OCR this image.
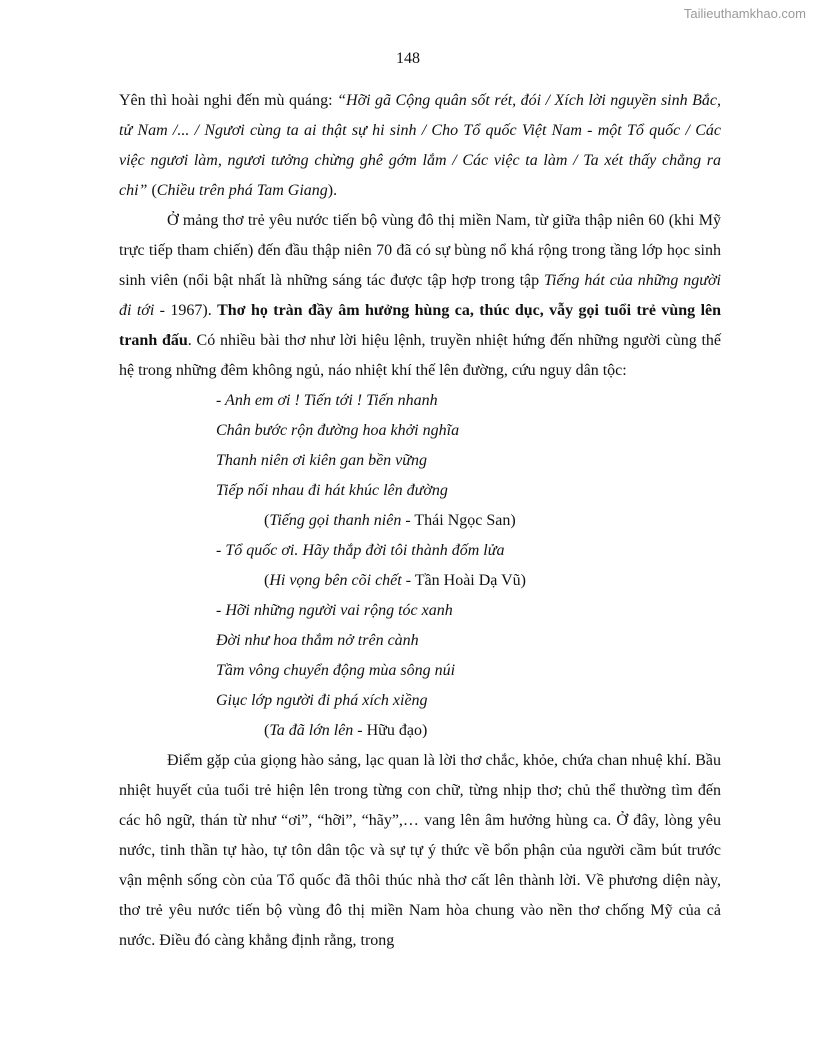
Tailieuthamkhao.com
148

Yên thì hoài nghi đến mù quáng: “Hỡi gã Cộng quân sốt rét, đói / Xích lời nguyền sinh Bắc, tử Nam /... / Ngươi cùng ta ai thật sự hi sinh / Cho Tổ quốc Việt Nam - một Tổ quốc / Các việc ngươi làm, ngươi tưởng chừng ghê gớm lắm / Các việc ta làm / Ta xét thấy chẳng ra chi” (Chiều trên phá Tam Giang).

Ở mảng thơ trẻ yêu nước tiến bộ vùng đô thị miền Nam, từ giữa thập niên 60 (khi Mỹ trực tiếp tham chiến) đến đầu thập niên 70 đã có sự bùng nổ khá rộng trong tầng lớp học sinh sinh viên (nổi bật nhất là những sáng tác được tập hợp trong tập Tiếng hát của những người đi tới - 1967). Thơ họ tràn đầy âm hưởng hùng ca, thúc dục, vẫy gọi tuổi trẻ vùng lên tranh đấu. Có nhiều bài thơ như lời hiệu lệnh, truyền nhiệt hứng đến những người cùng thế hệ trong những đêm không ngủ, náo nhiệt khí thế lên đường, cứu nguy dân tộc:

- Anh em ơi ! Tiến tới ! Tiến nhanh
Chân bước rộn đường hoa khởi nghĩa
Thanh niên ơi kiên gan bền vững
Tiếp nối nhau đi hát khúc lên đường
(Tiếng gọi thanh niên - Thái Ngọc San)
- Tổ quốc ơi. Hãy thắp đời tôi thành đốm lửa
(Hi vọng bên cõi chết - Tần Hoài Dạ Vũ)
- Hỡi những người vai rộng tóc xanh
Đời như hoa thắm nở trên cành
Tầm vông chuyển động mùa sông núi
Giục lớp người đi phá xích xiềng
(Ta đã lớn lên - Hữu đạo)

Điểm gặp của giọng hào sảng, lạc quan là lời thơ chắc, khỏe, chứa chan nhuệ khí. Bầu nhiệt huyết của tuổi trẻ hiện lên trong từng con chữ, từng nhịp thơ; chủ thể thường tìm đến các hô ngữ, thán từ như “ơi”, “hỡi”, “hãy”,… vang lên âm hưởng hùng ca. Ở đây, lòng yêu nước, tinh thần tự hào, tự tôn dân tộc và sự tự ý thức về bổn phận của người cầm bút trước vận mệnh sống còn của Tổ quốc đã thôi thúc nhà thơ cất lên thành lời. Về phương diện này, thơ trẻ yêu nước tiến bộ vùng đô thị miền Nam hòa chung vào nền thơ chống Mỹ của cả nước. Điều đó càng khẳng định rằng, trong
